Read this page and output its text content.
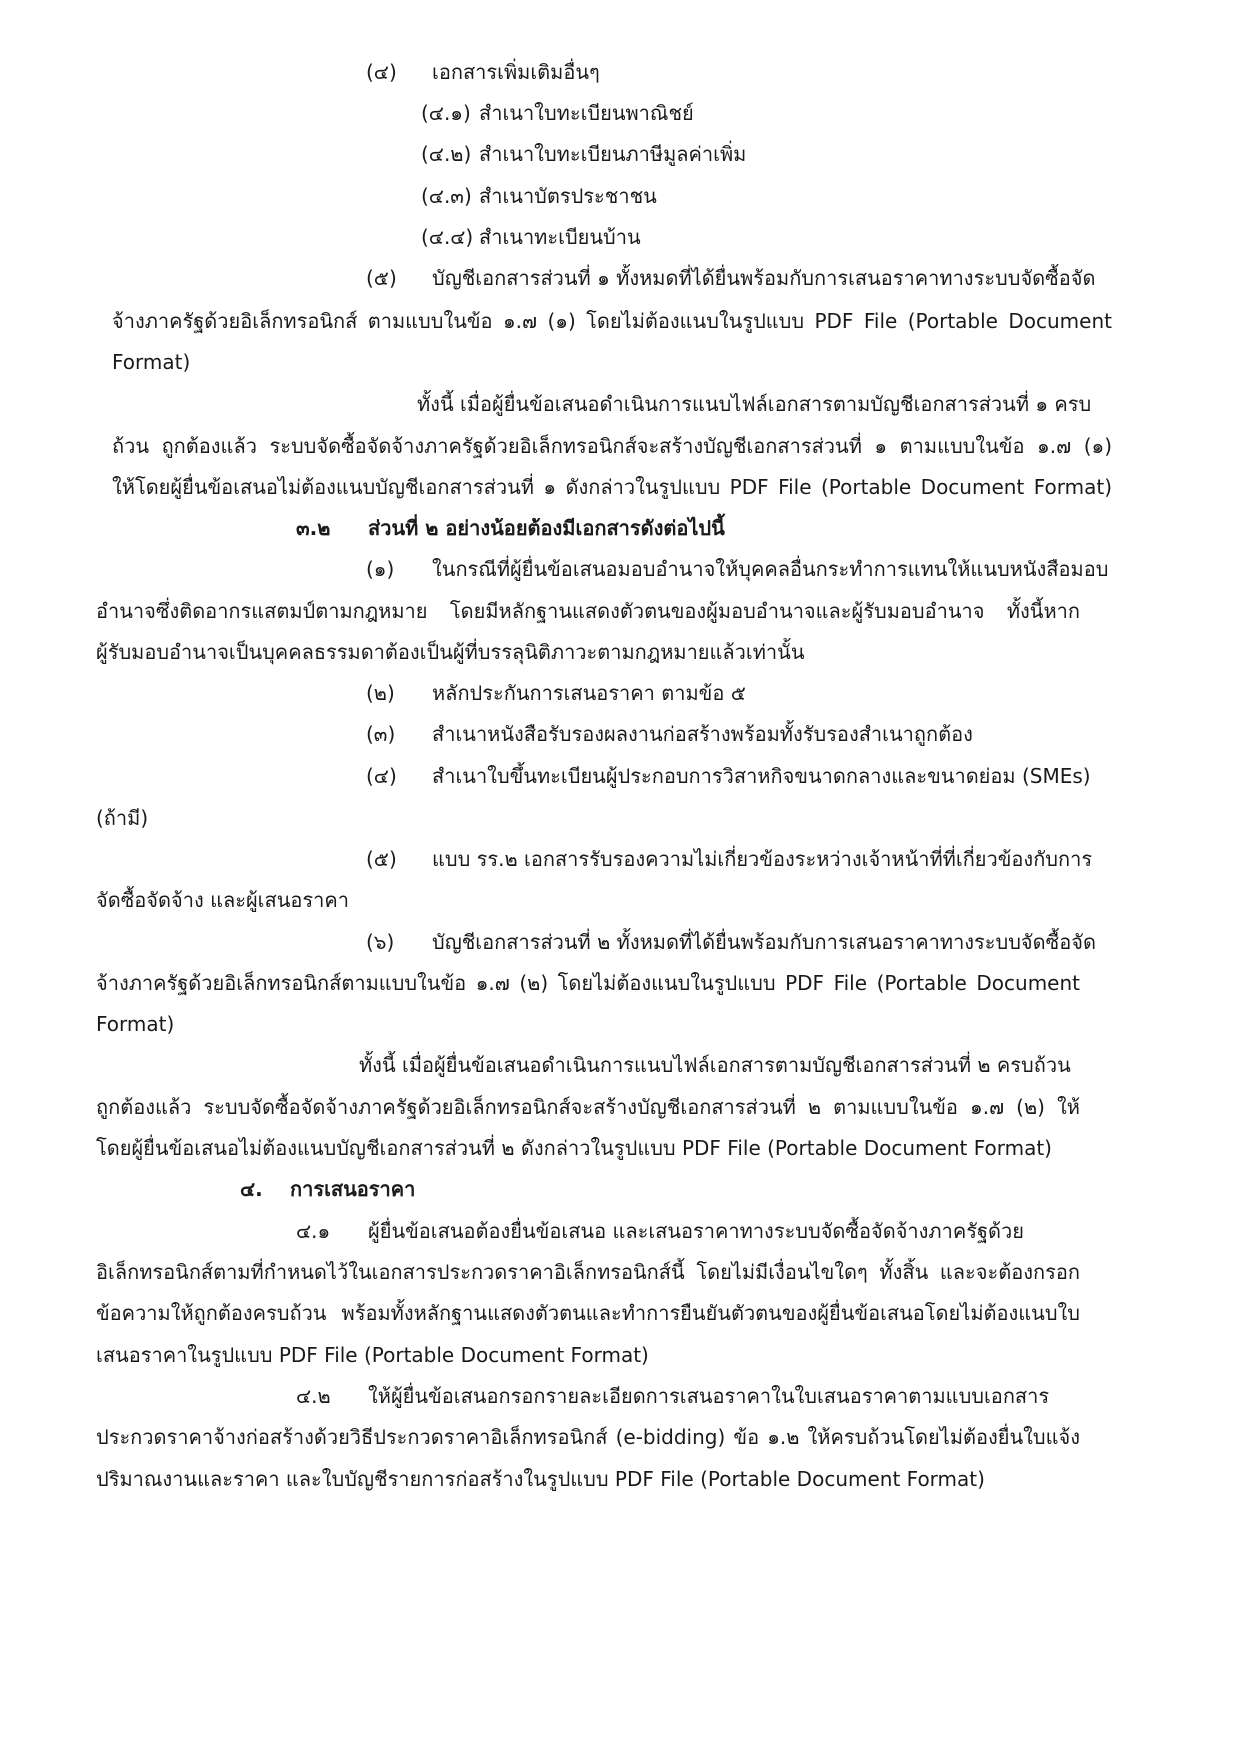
(๔) เอกสารเพิ่มเติมอื่นๆ
(๔.๑) สำเนาใบทะเบียนพาณิชย์
(๔.๒) สำเนาใบทะเบียนภาษีมูลค่าเพิ่ม
(๔.๓) สำเนาบัตรประชาชน
(๔.๔) สำเนาทะเบียนบ้าน
(๕) บัญชีเอกสารส่วนที่ ๑ ทั้งหมดที่ได้ยื่นพร้อมกับการเสนอราคาทางระบบจัดซื้อจัด
จ้างภาครัฐด้วยอิเล็กทรอนิกส์ ตามแบบในข้อ ๑.๗ (๑) โดยไม่ต้องแนบในรูปแบบ PDF File (Portable Document
Format)
ทั้งนี้ เมื่อผู้ยื่นข้อเสนอดำเนินการแนบไฟล์เอกสารตามบัญชีเอกสารส่วนที่ ๑ ครบ
ถ้วน ถูกต้องแล้ว ระบบจัดซื้อจัดจ้างภาครัฐด้วยอิเล็กทรอนิกส์จะสร้างบัญชีเอกสารส่วนที่ ๑ ตามแบบในข้อ ๑.๗ (๑)
ให้โดยผู้ยื่นข้อเสนอไม่ต้องแนบบัญชีเอกสารส่วนที่ ๑ ดังกล่าวในรูปแบบ PDF File (Portable Document Format)
๓.๒ ส่วนที่ ๒ อย่างน้อยต้องมีเอกสารดังต่อไปนี้
(๑) ในกรณีที่ผู้ยื่นข้อเสนอมอบอำนาจให้บุคคลอื่นกระทำการแทนให้แนบหนังสือมอบ
อำนาจซึ่งติดอากรแสตมป์ตามกฎหมาย โดยมีหลักฐานแสดงตัวตนของผู้มอบอำนาจและผู้รับมอบอำนาจ ทั้งนี้หาก
ผู้รับมอบอำนาจเป็นบุคคลธรรมดาต้องเป็นผู้ที่บรรลุนิติภาวะตามกฎหมายแล้วเท่านั้น
(๒) หลักประกันการเสนอราคา ตามข้อ ๕
(๓) สำเนาหนังสือรับรองผลงานก่อสร้างพร้อมทั้งรับรองสำเนาถูกต้อง
(๔) สำเนาใบขึ้นทะเบียนผู้ประกอบการวิสาหกิจขนาดกลางและขนาดย่อม (SMEs)
(ถ้ามี)
(๕) แบบ รร.๒ เอกสารรับรองความไม่เกี่ยวข้องระหว่างเจ้าหน้าที่ที่เกี่ยวข้องกับการ
จัดซื้อจัดจ้าง และผู้เสนอราคา
(๖) บัญชีเอกสารส่วนที่ ๒ ทั้งหมดที่ได้ยื่นพร้อมกับการเสนอราคาทางระบบจัดซื้อจัด
จ้างภาครัฐด้วยอิเล็กทรอนิกส์ตามแบบในข้อ ๑.๗ (๒) โดยไม่ต้องแนบในรูปแบบ PDF File (Portable Document
Format)
ทั้งนี้ เมื่อผู้ยื่นข้อเสนอดำเนินการแนบไฟล์เอกสารตามบัญชีเอกสารส่วนที่ ๒ ครบถ้วน
ถูกต้องแล้ว ระบบจัดซื้อจัดจ้างภาครัฐด้วยอิเล็กทรอนิกส์จะสร้างบัญชีเอกสารส่วนที่ ๒ ตามแบบในข้อ ๑.๗ (๒) ให้
โดยผู้ยื่นข้อเสนอไม่ต้องแนบบัญชีเอกสารส่วนที่ ๒ ดังกล่าวในรูปแบบ PDF File (Portable Document Format)
๔. การเสนอราคา
๔.๑ ผู้ยื่นข้อเสนอต้องยื่นข้อเสนอ และเสนอราคาทางระบบจัดซื้อจัดจ้างภาครัฐด้วย
อิเล็กทรอนิกส์ตามที่กำหนดไว้ในเอกสารประกวดราคาอิเล็กทรอนิกส์นี้ โดยไม่มีเงื่อนไขใดๆ ทั้งสิ้น และจะต้องกรอก
ข้อความให้ถูกต้องครบถ้วน พร้อมทั้งหลักฐานแสดงตัวตนและทำการยืนยันตัวตนของผู้ยื่นข้อเสนอโดยไม่ต้องแนบใบ
เสนอราคาในรูปแบบ PDF File (Portable Document Format)
๔.๒ ให้ผู้ยื่นข้อเสนอกรอกรายละเอียดการเสนอราคาในใบเสนอราคาตามแบบเอกสาร
ประกวดราคาจ้างก่อสร้างด้วยวิธีประกวดราคาอิเล็กทรอนิกส์ (e-bidding) ข้อ ๑.๒ ให้ครบถ้วนโดยไม่ต้องยื่นใบแจ้ง
ปริมาณงานและราคา และใบบัญชีรายการก่อสร้างในรูปแบบ PDF File (Portable Document Format)
